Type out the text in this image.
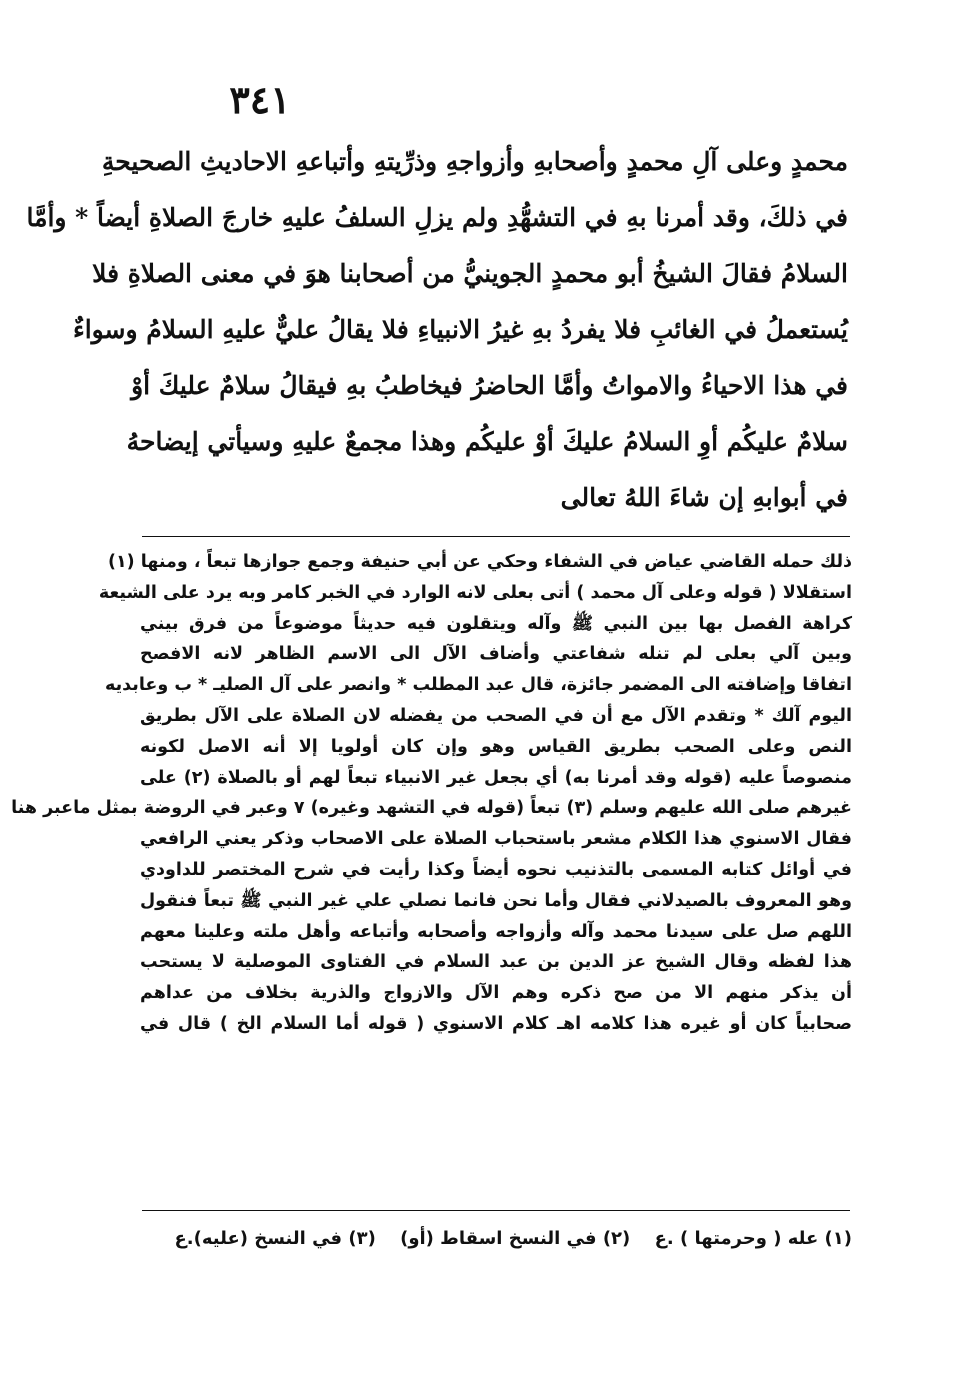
٣٤١
محمدٍ وعلى آلِ محمدٍ وأصحابهِ وأزواجهِ وذرِّيتهِ وأتباعهِ الاحاديثِ الصحيحةِ
في ذلكَ، وقد أمرنا بهِ في التشهُّدِ ولم يزلِ السلفُ عليهِ خارجَ الصلاةِ أيضاً * وأمَّا
السلامُ فقالَ الشيخُ أبو محمدٍ الجوينيُّ من أصحابنا هوَ في معنى الصلاةِ فلا
يُستعملُ في الغائبِ فلا يفردُ بهِ غيرُ الانبياءِ فلا يقالُ عليٌّ عليهِ السلامُ وسواءٌ
في هذا الاحياءُ والامواتُ وأمَّا الحاضرُ فيخاطبُ بهِ فيقالُ سلامٌ عليكَ أوْ
سلامٌ عليكُم أوِ السلامُ عليكَ أوْ عليكُم وهذا مجمعٌ عليهِ وسيأتي إيضاحهُ
في أبوابهِ إن شاءَ اللهُ تعالى
ذلك حمله القاضي عياض في الشفاء وحكي عن أبي حنيفة وجمع جوازها تبعاً ، ومنها (١)
استقلالا ( قوله وعلى آل محمد ) أتى بعلى لانه الوارد في الخبر كامر وبه يرد على الشيعة
كراهة الفصل بها بين النبي ﷺ وآله ويتقلون فيه حديثاً موضوعاً من فرق بيني
وبين آلي بعلى لم تنله شفاعتي وأضاف الآل الى الاسم الظاهر لانه الافصح
اتفاقا وإضافته الى المضمر جائزة، قال عبد المطلب * وانصر على آل الصليـ * ب وعابديه
اليوم آلك * وتقدم الآل مع أن في الصحب من يفضله لان الصلاة على الآل بطريق
النص وعلى الصحب بطريق القياس وهو وإن كان أولويا إلا أنه الاصل لكونه
منصوصاً عليه (قوله وقد أمرنا به) أي بجعل غير الانبياء تبعاً لهم أو بالصلاة (٢) على
غيرهم صلى الله عليهم وسلم (٣) تبعاً (قوله في التشهد وغيره) ٧ وعبر في الروضة بمثل ماعبر هنا
فقال الاسنوي هذا الكلام مشعر باستحباب الصلاة على الاصحاب وذكر يعني الرافعي
في أوائل كتابه المسمى بالتذنيب نحوه أيضاً وكذا رأيت في شرح المختصر للداودي
وهو المعروف بالصيدلاني فقال وأما نحن فانما نصلي علي غير النبي ﷺ تبعاً فنقول
اللهم صل على سيدنا محمد وآله وأزواجه وأصحابه وأتباعه وأهل ملته وعلينا معهم
هذا لفظه وقال الشيخ عز الدين بن عبد السلام في الفتاوى الموصلية لا يستحب
أن يذكر منهم الا من صح ذكره وهم الآل والازواج والذرية بخلاف من عداهم
صحابياً كان أو غيره هذا كلامه اهـ كلام الاسنوي ( قوله أما السلام الخ ) قال في
(١) عله ( وحرمتها ) .ع (٢) في النسخ اسقاط (أو) (٣) في النسخ (عليه).ع
